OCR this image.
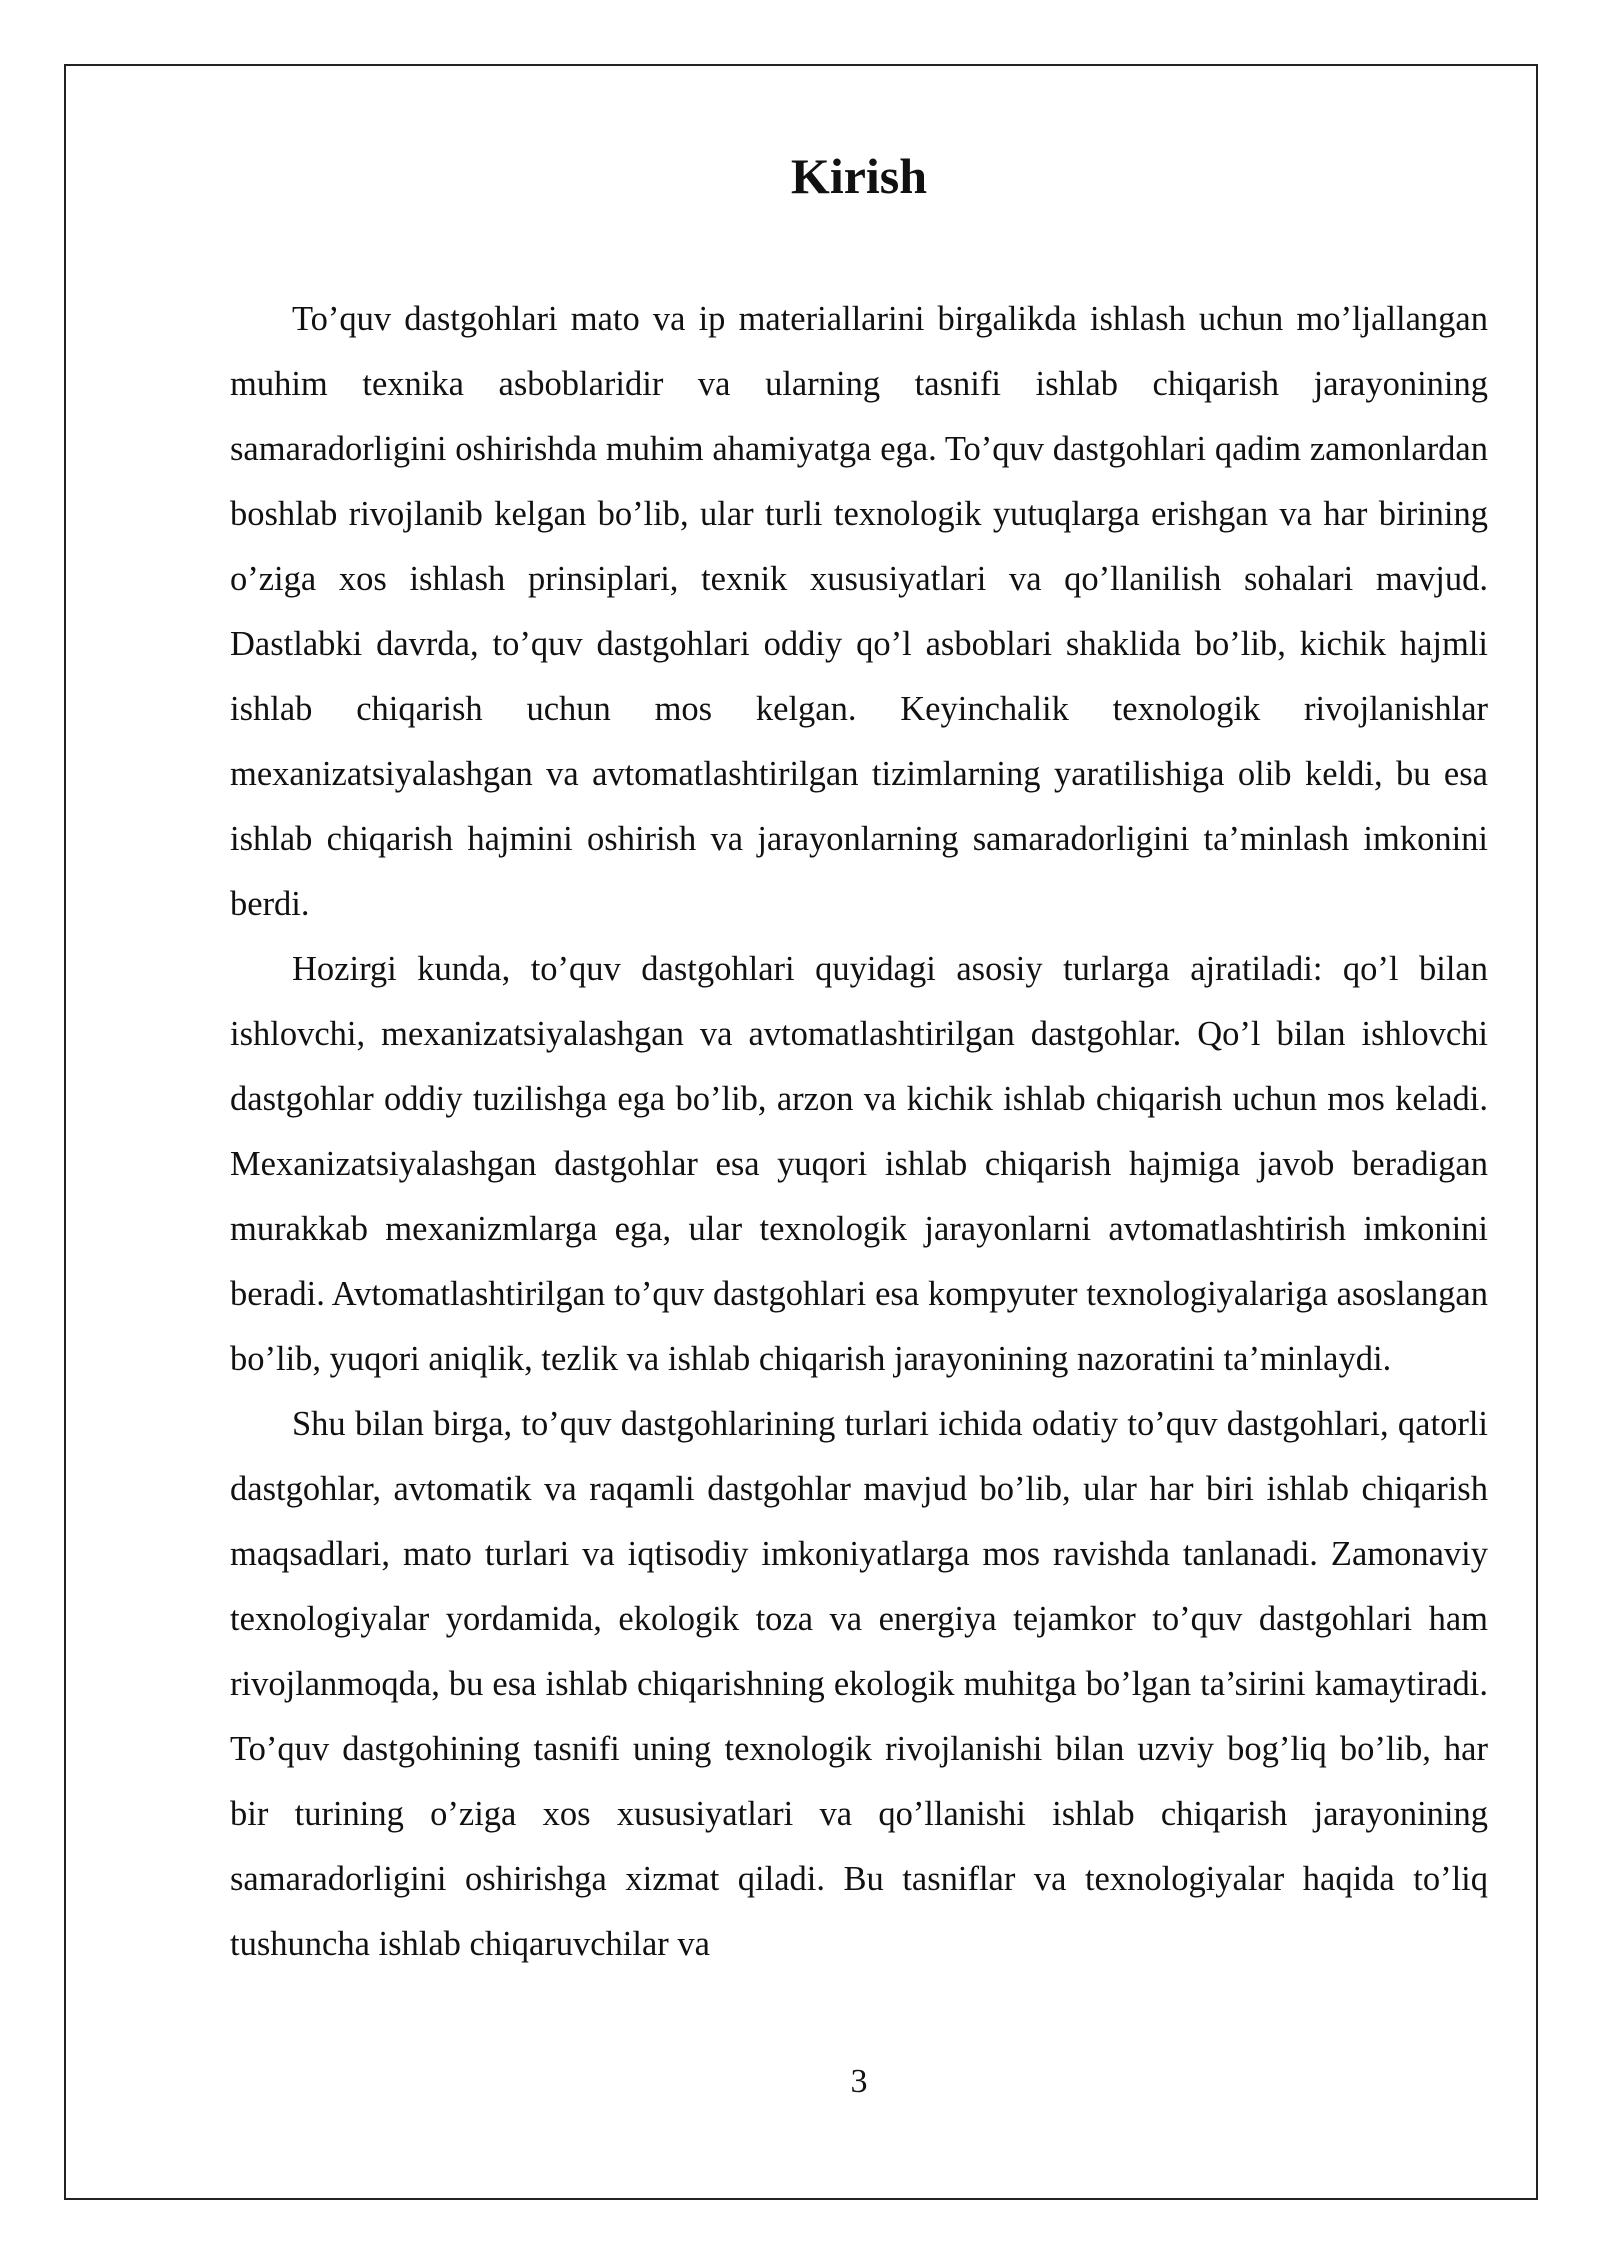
Kirish

To’quv dastgohlari mato va ip materiallarini birgalikda ishlash uchun mo’ljallangan muhim texnika asboblaridir va ularning tasnifi ishlab chiqarish jarayonining samaradorligini oshirishda muhim ahamiyatga ega. To’quv dastgohlari qadim zamonlardan boshlab rivojlanib kelgan bo’lib, ular turli texnologik yutuqlarga erishgan va har birining o’ziga xos ishlash prinsiplari, texnik xususiyatlari va qo’llanilish sohalari mavjud. Dastlabki davrda, to’quv dastgohlari oddiy qo’l asboblari shaklida bo’lib, kichik hajmli ishlab chiqarish uchun mos kelgan. Keyinchalik texnologik rivojlanishlar mexanizatsiyalashgan va avtomatlashtirilgan tizimlarning yaratilishiga olib keldi, bu esa ishlab chiqarish hajmini oshirish va jarayonlarning samaradorligini ta’minlash imkonini berdi.

Hozirgi kunda, to’quv dastgohlari quyidagi asosiy turlarga ajratiladi: qo’l bilan ishlovchi, mexanizatsiyalashgan va avtomatlashtirilgan dastgohlar. Qo’l bilan ishlovchi dastgohlar oddiy tuzilishga ega bo’lib, arzon va kichik ishlab chiqarish uchun mos keladi. Mexanizatsiyalashgan dastgohlar esa yuqori ishlab chiqarish hajmiga javob beradigan murakkab mexanizmlarga ega, ular texnologik jarayonlarni avtomatlashtirish imkonini beradi. Avtomatlashtirilgan to’quv dastgohlari esa kompyuter texnologiyalariga asoslangan bo’lib, yuqori aniqlik, tezlik va ishlab chiqarish jarayonining nazoratini ta’minlaydi.

Shu bilan birga, to’quv dastgohlarining turlari ichida odatiy to’quv dastgohlari, qatorli dastgohlar, avtomatik va raqamli dastgohlar mavjud bo’lib, ular har biri ishlab chiqarish maqsadlari, mato turlari va iqtisodiy imkoniyatlarga mos ravishda tanlanadi. Zamonaviy texnologiyalar yordamida, ekologik toza va energiya tejamkor to’quv dastgohlari ham rivojlanmoqda, bu esa ishlab chiqarishning ekologik muhitga bo’lgan ta’sirini kamaytiradi. To’quv dastgohining tasnifi uning texnologik rivojlanishi bilan uzviy bog’liq bo’lib, har bir turining o’ziga xos xususiyatlari va qo’llanishi ishlab chiqarish jarayonining samaradorligini oshirishga xizmat qiladi. Bu tasniflar va texnologiyalar haqida to’liq tushuncha ishlab chiqaruvchilar va

3
